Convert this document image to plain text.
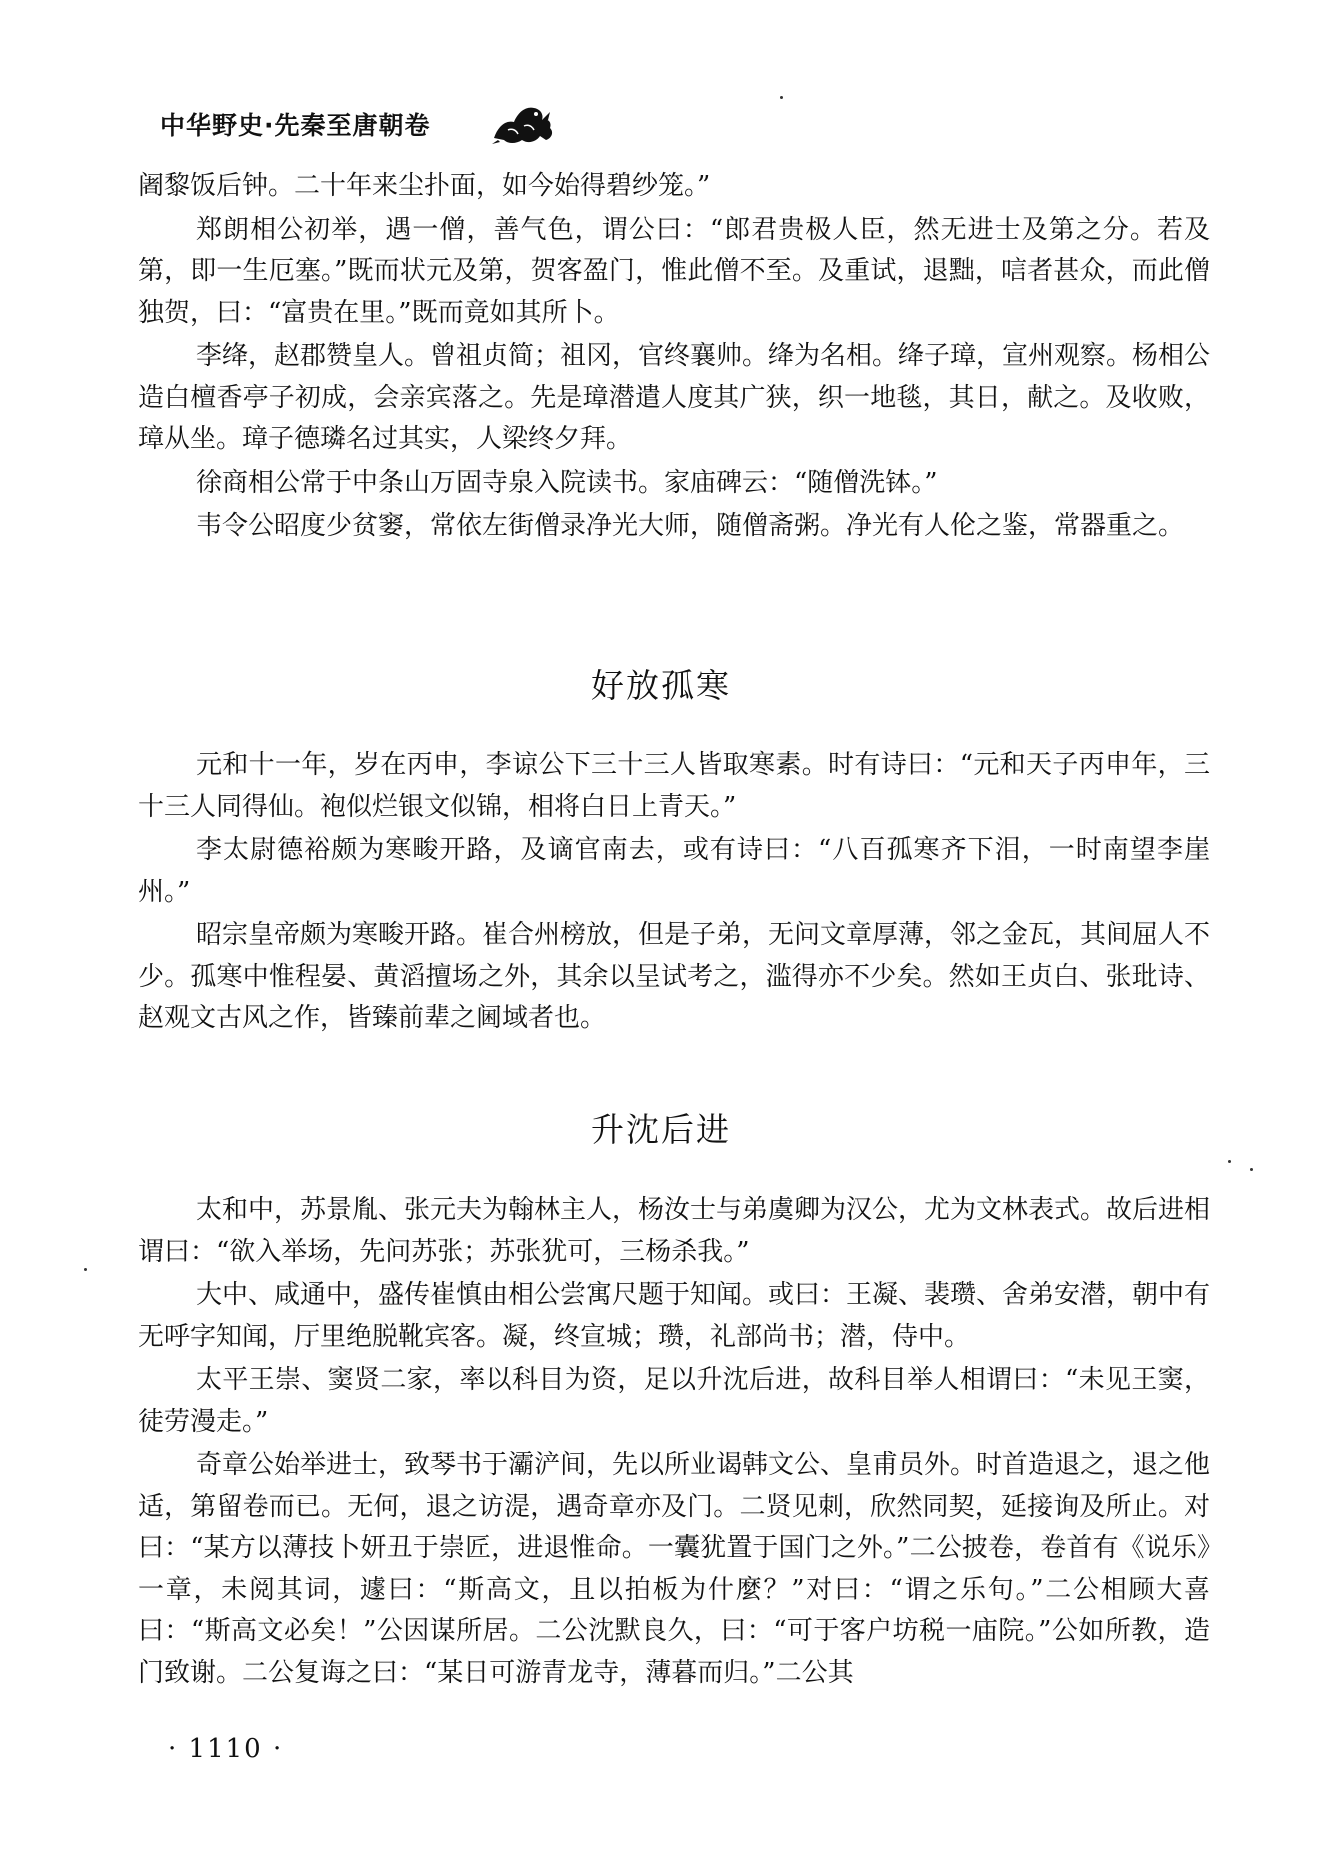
中华野史·先秦至唐朝卷

阇黎饭后钟。二十年来尘扑面，如今始得碧纱笼。”

郑朗相公初举，遇一僧，善气色，谓公曰：“郎君贵极人臣，然无进士及第之分。若及第，即一生厄塞。”既而状元及第，贺客盈门，惟此僧不至。及重试，退黜，唁者甚众，而此僧独贺，曰：“富贵在里。”既而竟如其所卜。

李绛，赵郡赞皇人。曾祖贞简；祖冈，官终襄帅。绛为名相。绛子璋，宣州观察。杨相公造白檀香亭子初成，会亲宾落之。先是璋潜遣人度其广狭，织一地毯，其日，献之。及收败，璋从坐。璋子德璘名过其实，人梁终夕拜。

徐商相公常于中条山万固寺泉入院读书。家庙碑云：“随僧洗钵。”

韦令公昭度少贫窭，常依左街僧录净光大师，随僧斋粥。净光有人伦之鉴，常器重之。

好放孤寒

元和十一年，岁在丙申，李谅公下三十三人皆取寒素。时有诗曰：“元和天子丙申年，三十三人同得仙。袍似烂银文似锦，相将白日上青天。”

李太尉德裕颇为寒畯开路，及谪官南去，或有诗曰：“八百孤寒齐下泪，一时南望李崖州。”

昭宗皇帝颇为寒畯开路。崔合州榜放，但是子弟，无问文章厚薄，邻之金瓦，其间屈人不少。孤寒中惟程晏、黄滔擅场之外，其余以呈试考之，滥得亦不少矣。然如王贞白、张玭诗、赵观文古风之作，皆臻前辈之阃域者也。

升沈后进

太和中，苏景胤、张元夫为翰林主人，杨汝士与弟虞卿为汉公，尤为文林表式。故后进相谓曰：“欲入举场，先问苏张；苏张犹可，三杨杀我。”

大中、咸通中，盛传崔慎由相公尝寓尺题于知闻。或曰：王凝、裴瓒、舍弟安潜，朝中有无呼字知闻，厅里绝脱靴宾客。凝，终宣城；瓒，礼部尚书；潜，侍中。

太平王崇、窦贤二家，率以科目为资，足以升沈后进，故科目举人相谓曰：“未见王窦，徒劳漫走。”

奇章公始举进士，致琴书于灞浐间，先以所业谒韩文公、皇甫员外。时首造退之，退之他适，第留卷而已。无何，退之访湜，遇奇章亦及门。二贤见刺，欣然同契，延接询及所止。对曰：“某方以薄技卜妍丑于崇匠，进退惟命。一囊犹置于国门之外。”二公披卷，卷首有《说乐》一章，未阅其词，遽曰：“斯高文，且以拍板为什麼？”对曰：“谓之乐句。”二公相顾大喜曰：“斯高文必矣！”公因谋所居。二公沈默良久，曰：“可于客户坊税一庙院。”公如所教，造门致谢。二公复诲之曰：“某日可游青龙寺，薄暮而归。”二公其

· 1110 ·
